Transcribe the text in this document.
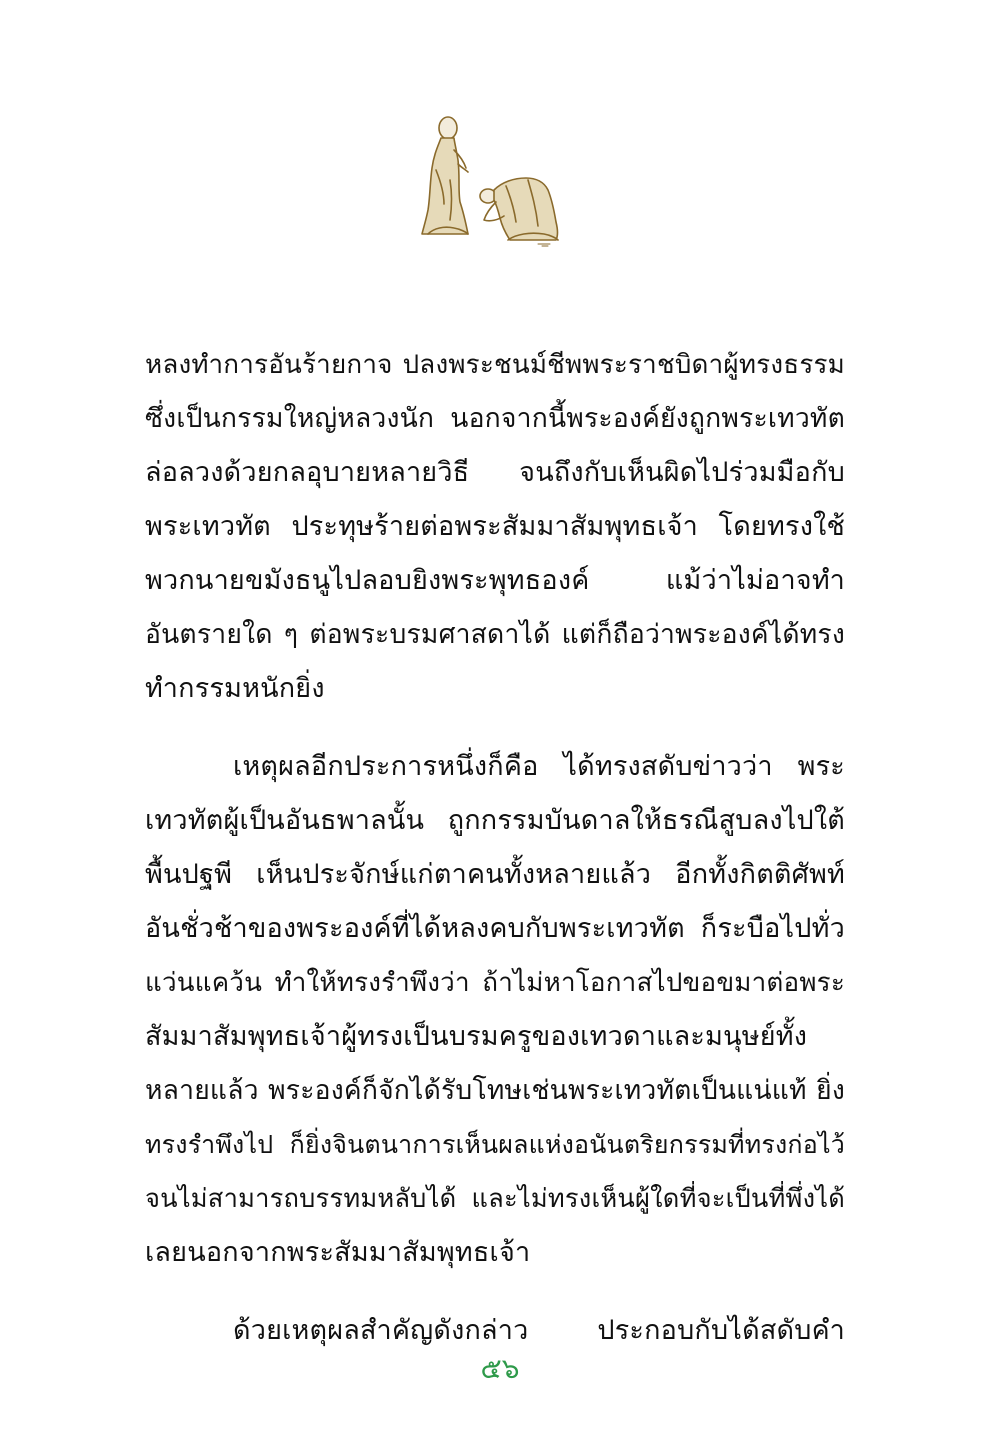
หลงทำการอันร้ายกาจ ปลงพระชนม์ชีพพระราชบิดาผู้ทรงธรรม
ซึ่งเป็นกรรมใหญ่หลวงนัก นอกจากนี้พระองค์ยังถูกพระเทวทัต
ล่อลวงด้วยกลอุบายหลายวิธี จนถึงกับเห็นผิดไปร่วมมือกับ
พระเทวทัต ประทุษร้ายต่อพระสัมมาสัมพุทธเจ้า โดยทรงใช้
พวกนายขมังธนูไปลอบยิงพระพุทธองค์ แม้ว่าไม่อาจทำ
อันตรายใด ๆ ต่อพระบรมศาสดาได้ แต่ก็ถือว่าพระองค์ได้ทรง
ทำกรรมหนักยิ่ง
เหตุผลอีกประการหนึ่งก็คือ ได้ทรงสดับข่าวว่า พระ
เทวทัตผู้เป็นอันธพาลนั้น ถูกกรรมบันดาลให้ธรณีสูบลงไปใต้
พื้นปฐพี เห็นประจักษ์แก่ตาคนทั้งหลายแล้ว อีกทั้งกิตติศัพท์
อันชั่วช้าของพระองค์ที่ได้หลงคบกับพระเทวทัต ก็ระบือไปทั่ว
แว่นแคว้น ทำให้ทรงรำพึงว่า ถ้าไม่หาโอกาสไปขอขมาต่อพระ
สัมมาสัมพุทธเจ้าผู้ทรงเป็นบรมครูของเทวดาและมนุษย์ทั้ง
หลายแล้ว พระองค์ก็จักได้รับโทษเช่นพระเทวทัตเป็นแน่แท้ ยิ่ง
ทรงรำพึงไป ก็ยิ่งจินตนาการเห็นผลแห่งอนันตริยกรรมที่ทรงก่อไว้
จนไม่สามารถบรรทมหลับได้ และไม่ทรงเห็นผู้ใดที่จะเป็นที่พึ่งได้
เลยนอกจากพระสัมมาสัมพุทธเจ้า
ด้วยเหตุผลสำคัญดังกล่าว ประกอบกับได้สดับคำ
๕๖
